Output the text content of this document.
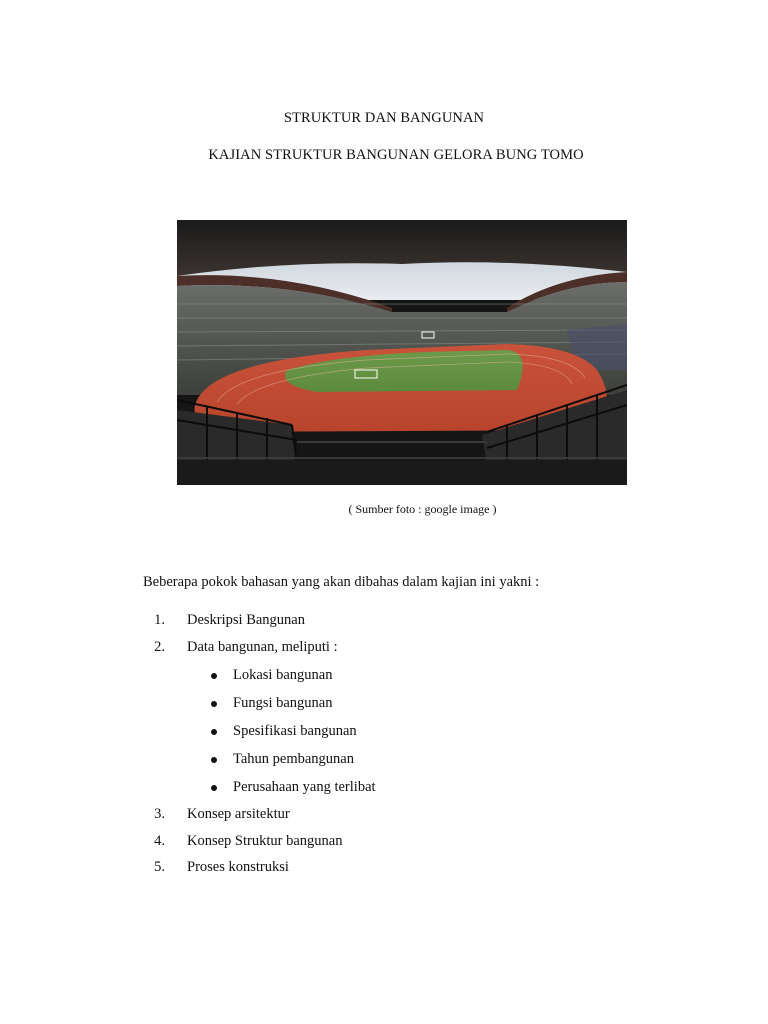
STRUKTUR DAN BANGUNAN
KAJIAN STRUKTUR BANGUNAN GELORA BUNG TOMO
( Sumber foto : google image )
Beberapa pokok bahasan yang akan dibahas dalam kajian ini yakni :
1. Deskripsi Bangunan
2. Data bangunan, meliputi :
Lokasi bangunan
Fungsi bangunan
Spesifikasi bangunan
Tahun pembangunan
Perusahaan yang terlibat
3. Konsep arsitektur
4. Konsep Struktur bangunan
5. Proses konstruksi
